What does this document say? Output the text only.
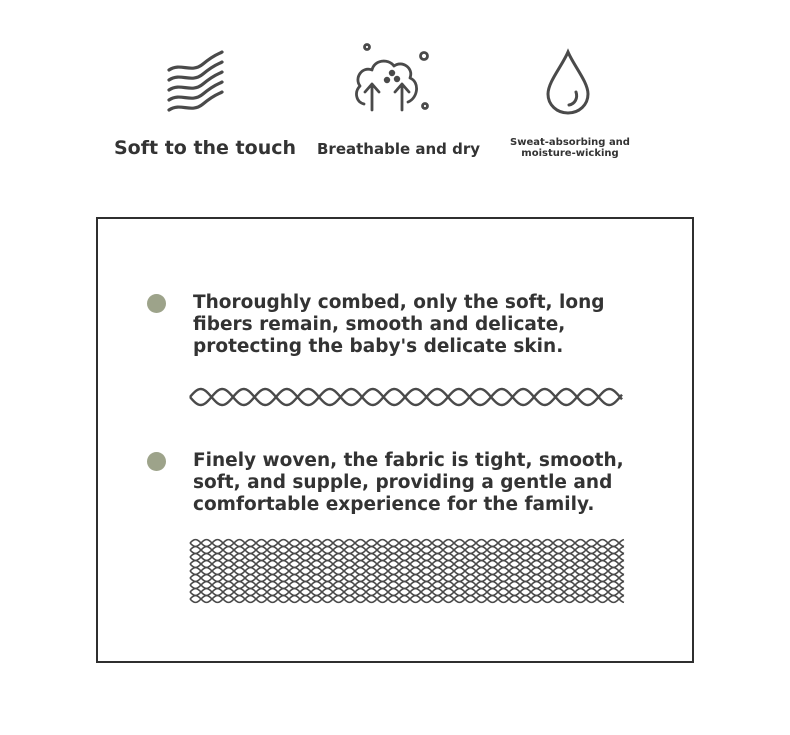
Soft to the touch Breathable and dry	Sweat-absorbing and
moisture-wicking
Thoroughly combed, only the soft, long
fibers remain, smooth and delicate,
protecting the baby's delicate skin.
Finely woven, the fabric is tight, smooth,
soft, and supple, providing a gentle and
comfortable experience for the family.
